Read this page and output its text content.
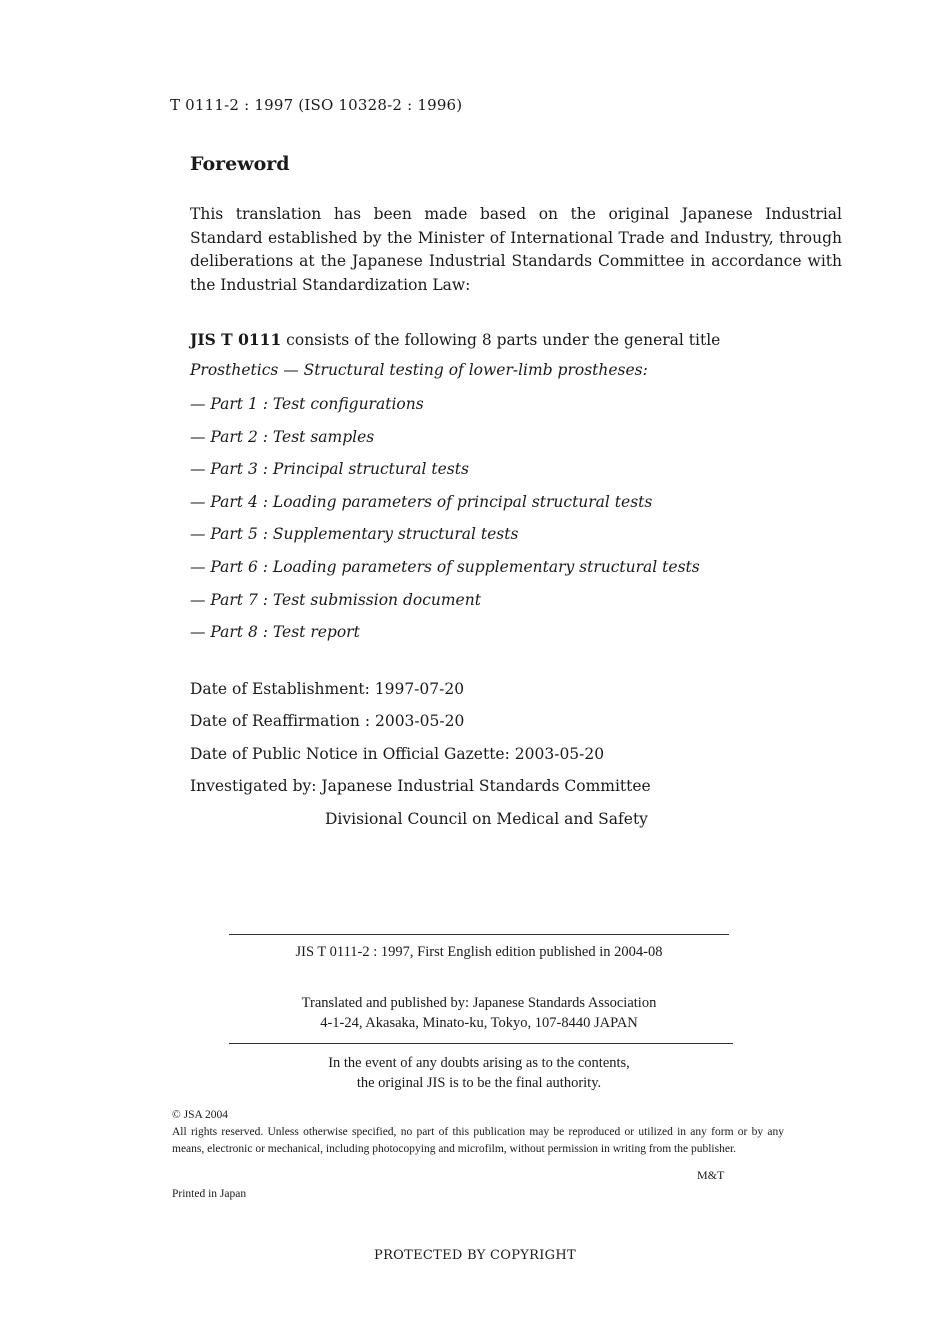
T 0111-2 : 1997 (ISO 10328-2 : 1996)
Foreword
This translation has been made based on the original Japanese Industrial Standard established by the Minister of International Trade and Industry, through deliberations at the Japanese Industrial Standards Committee in accordance with the Industrial Standardization Law:
JIS T 0111 consists of the following 8 parts under the general title
Prosthetics — Structural testing of lower-limb prostheses:
— Part 1 : Test configurations
— Part 2 : Test samples
— Part 3 : Principal structural tests
— Part 4 : Loading parameters of principal structural tests
— Part 5 : Supplementary structural tests
— Part 6 : Loading parameters of supplementary structural tests
— Part 7 : Test submission document
— Part 8 : Test report
Date of Establishment: 1997-07-20
Date of Reaffirmation : 2003-05-20
Date of Public Notice in Official Gazette: 2003-05-20
Investigated by: Japanese Industrial Standards Committee
Divisional Council on Medical and Safety
JIS T 0111-2 : 1997, First English edition published in 2004-08
Translated and published by: Japanese Standards Association
4-1-24, Akasaka, Minato-ku, Tokyo, 107-8440 JAPAN
In the event of any doubts arising as to the contents,
the original JIS is to be the final authority.
© JSA 2004
All rights reserved. Unless otherwise specified, no part of this publication may be reproduced or utilized in any form or by any means, electronic or mechanical, including photocopying and microfilm, without permission in writing from the publisher.
M&T
Printed in Japan
PROTECTED BY COPYRIGHT
